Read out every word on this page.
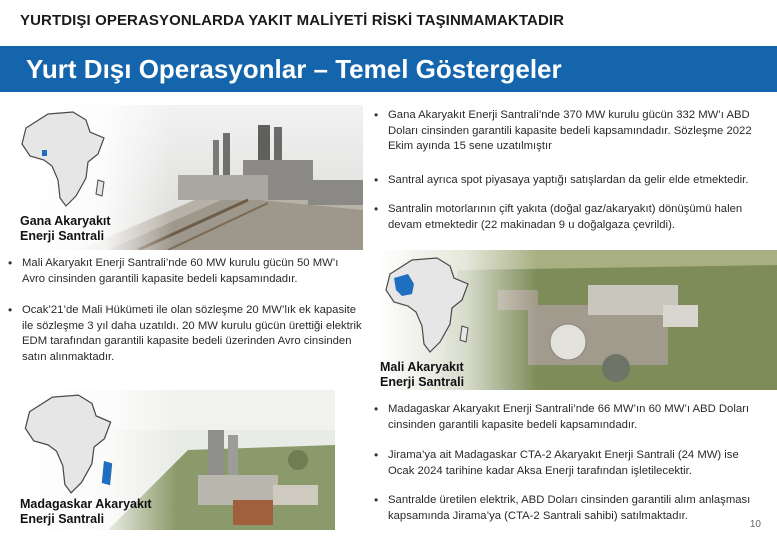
YURTDIŞI OPERASYONLARDA YAKIT MALİYETİ RİSKİ TAŞINMAMAKTADIR
Yurt Dışı Operasyonlar – Temel Göstergeler
Gana Akaryakıt Enerji Santrali
• Gana Akaryakıt Enerji Santrali’nde 370 MW kurulu gücün 332 MW’ı ABD Doları cinsinden garantili kapasite bedeli kapsamındadır. Sözleşme 2022 Ekim ayında 15 sene uzatılmıştır
• Santral ayrıca spot piyasaya yaptığı satışlardan da gelir elde etmektedir.
• Santralin motorlarının çift yakıta (doğal gaz/akaryakıt) dönüşümü halen devam etmektedir (22 makinadan 9 u doğalgaza çevrildi).
• Mali Akaryakıt Enerji Santrali’nde 60 MW kurulu gücün 50 MW’ı Avro cinsinden garantili kapasite bedeli kapsamındadır.
• Ocak’21’de Mali Hükümeti ile olan sözleşme 20 MW’lık ek kapasite ile sözleşme 3 yıl daha uzatıldı. 20 MW kurulu gücün ürettiği elektrik EDM tarafından garantili kapasite bedeli üzerinden Avro cinsinden satın alınmaktadır.
Mali Akaryakıt Enerji Santrali
Madagaskar Akaryakıt Enerji Santrali
• Madagaskar Akaryakıt Enerji Santrali’nde 66 MW’ın 60 MW’ı ABD Doları cinsinden garantili kapasite bedeli kapsamındadır.
• Jirama’ya ait Madagaskar CTA-2 Akaryakıt Enerji Santrali (24 MW) ise Ocak 2024 tarihine kadar Aksa Enerji tarafından işletilecektir.
• Santralde üretilen elektrik, ABD Doları cinsinden garantili alım anlaşması kapsamında Jirama’ya (CTA-2 Santrali sahibi) satılmaktadır.
10
